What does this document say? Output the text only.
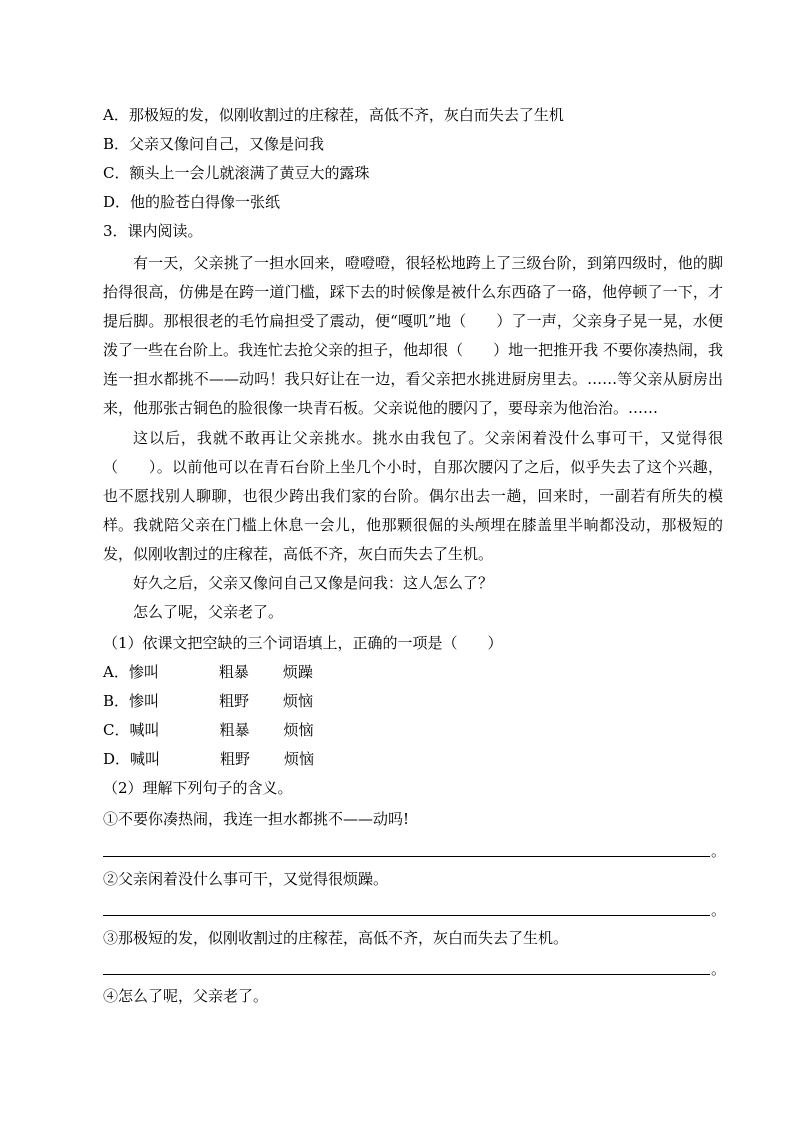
A．那极短的发，似刚收割过的庄稼茬，高低不齐，灰白而失去了生机
B．父亲又像问自己，又像是问我
C．额头上一会儿就滚满了黄豆大的露珠
D．他的脸苍白得像一张纸
3．课内阅读。
有一天，父亲挑了一担水回来，噔噔噔，很轻松地跨上了三级台阶，到第四级时，他的脚抬得很高，仿佛是在跨一道门槛，踩下去的时候像是被什么东西硌了一硌，他停顿了一下，才提后脚。那根很老的毛竹扁担受了震动，便“嘎叽”地（　　）了一声，父亲身子晃一晃，水便泼了一些在台阶上。我连忙去抢父亲的担子，他却很（　　）地一把推开我 不要你凑热闹，我连一担水都挑不——动吗！我只好让在一边，看父亲把水挑进厨房里去。……等父亲从厨房出来，他那张古铜色的脸很像一块青石板。父亲说他的腰闪了，要母亲为他治治。……
这以后，我就不敢再让父亲挑水。挑水由我包了。父亲闲着没什么事可干，又觉得很（　　）。以前他可以在青石台阶上坐几个小时，自那次腰闪了之后，似乎失去了这个兴趣，也不愿找别人聊聊，也很少跨出我们家的台阶。偶尔出去一趟，回来时，一副若有所失的模样。 我就陪父亲在门槛上休息一会儿，他那颗很倔的头颅埋在膝盖里半晌都没动，那极短的发，似刚收割过的庄稼茬，高低不齐，灰白而失去了生机。
好久之后，父亲又像问自己又像是问我：这人怎么了？
怎么了呢，父亲老了。
（1）依课文把空缺的三个词语填上，正确的一项是（　　）
A．惨叫	粗暴 烦躁
B．惨叫	粗野 烦恼
C．喊叫	粗暴 烦恼
D．喊叫	粗野 烦恼
（2）理解下列句子的含义。
①不要你凑热闹，我连一担水都挑不——动吗!
。
②父亲闲着没什么事可干，又觉得很烦躁。
。
③那极短的发，似刚收割过的庄稼茬，高低不齐，灰白而失去了生机。
。
④怎么了呢，父亲老了。
